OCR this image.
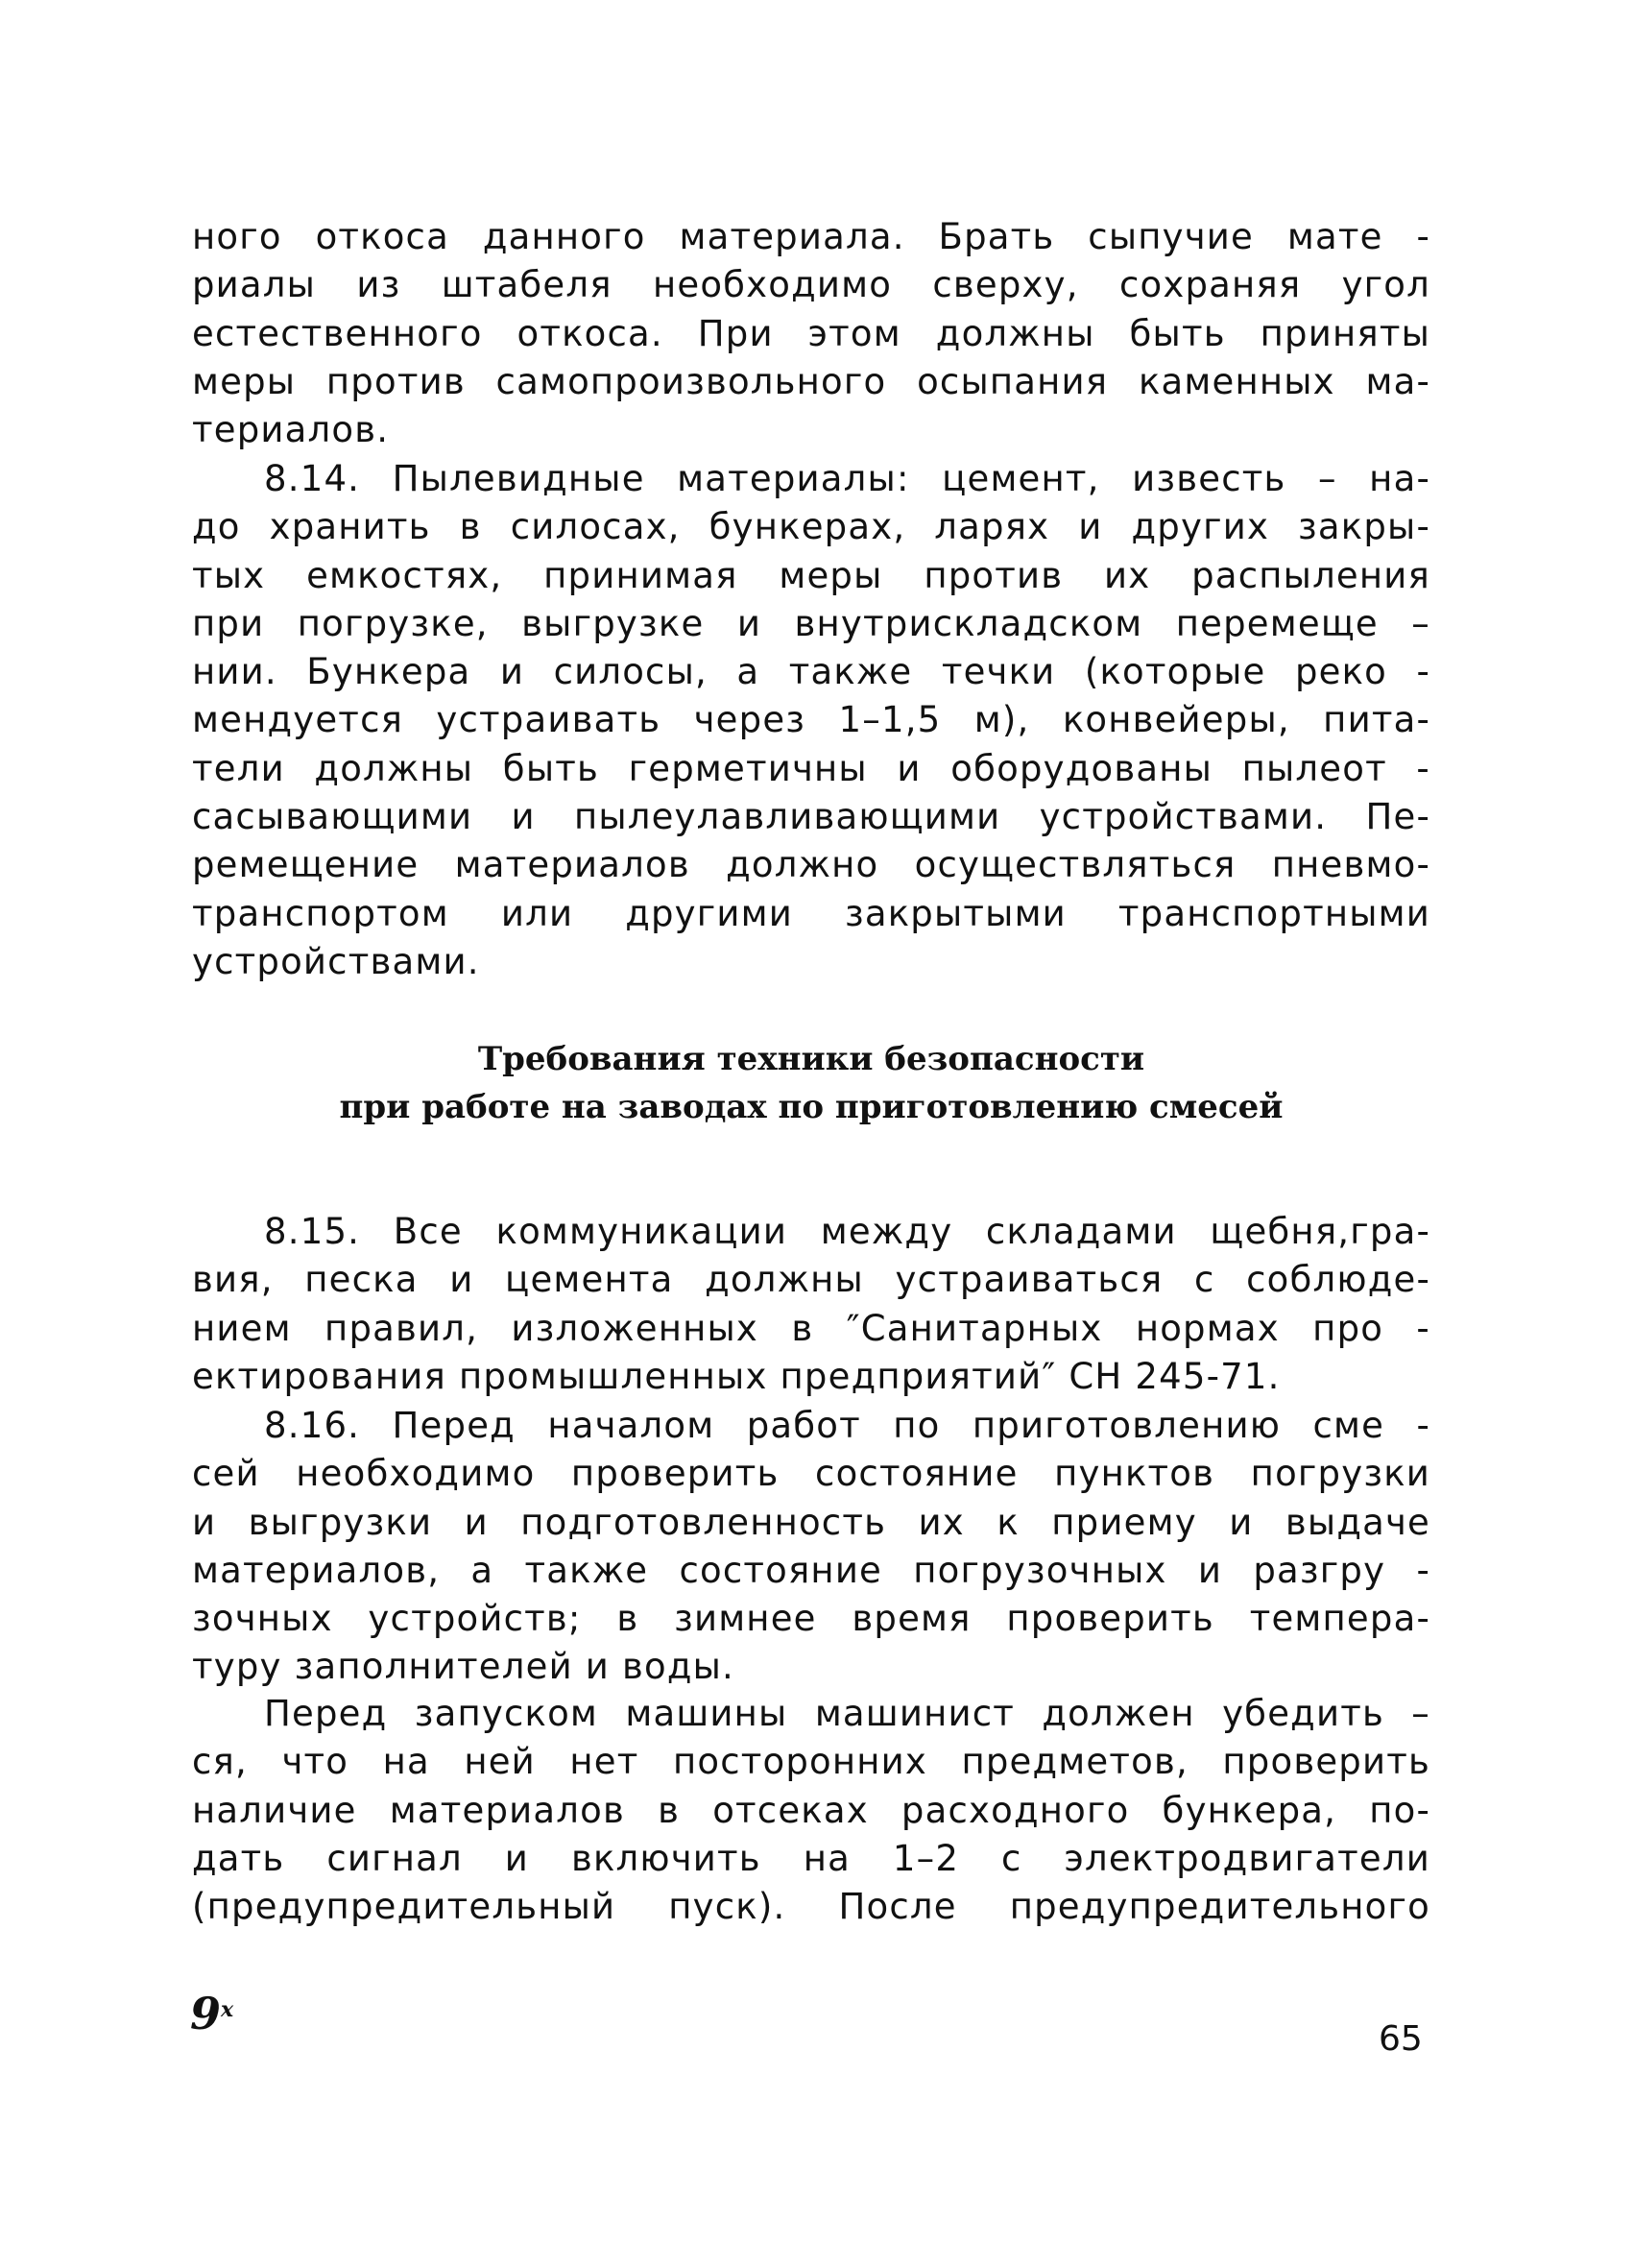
ного откоса данного материала. Брать сыпучие мате -
риалы из штабеля необходимо сверху, сохраняя угол
естественного откоса. При этом должны быть приняты
меры против самопроизвольного осыпания каменных ма-
териалов.
8.14. Пылевидные материалы: цемент, известь – на-
до хранить в силосах, бункерах, ларях и других закры-
тых емкостях, принимая меры против их распыления
при погрузке, выгрузке и внутрискладском перемеще –
нии. Бункера и силосы, а также течки (которые реко -
мендуется устраивать через 1–1,5 м), конвейеры, пита-
тели должны быть герметичны и оборудованы пылеот -
сасывающими и пылеулавливающими устройствами. Пе-
ремещение материалов должно осуществляться пневмо-
транспортом или другими закрытыми транспортными
устройствами.
Требования техники безопасности
при работе на заводах по приготовлению смесей
8.15. Все коммуникации между складами щебня,гра-
вия, песка и цемента должны устраиваться с соблюде-
нием правил, изложенных в ″Санитарных нормах про -
ектирования промышленных предприятий″ СН 245-71.
8.16. Перед началом работ по приготовлению сме -
сей необходимо проверить состояние пунктов погрузки
и выгрузки и подготовленность их к приему и выдаче
материалов, а также состояние погрузочных и разгру -
зочных устройств; в зимнее время проверить темпера-
туру заполнителей и воды.
Перед запуском машины машинист должен убедить –
ся, что на ней нет посторонних предметов, проверить
наличие материалов в отсеках расходного бункера, по-
дать сигнал и включить на 1–2 с электродвигатели
(предупредительный пуск). После предупредительного
9$^x$
65
